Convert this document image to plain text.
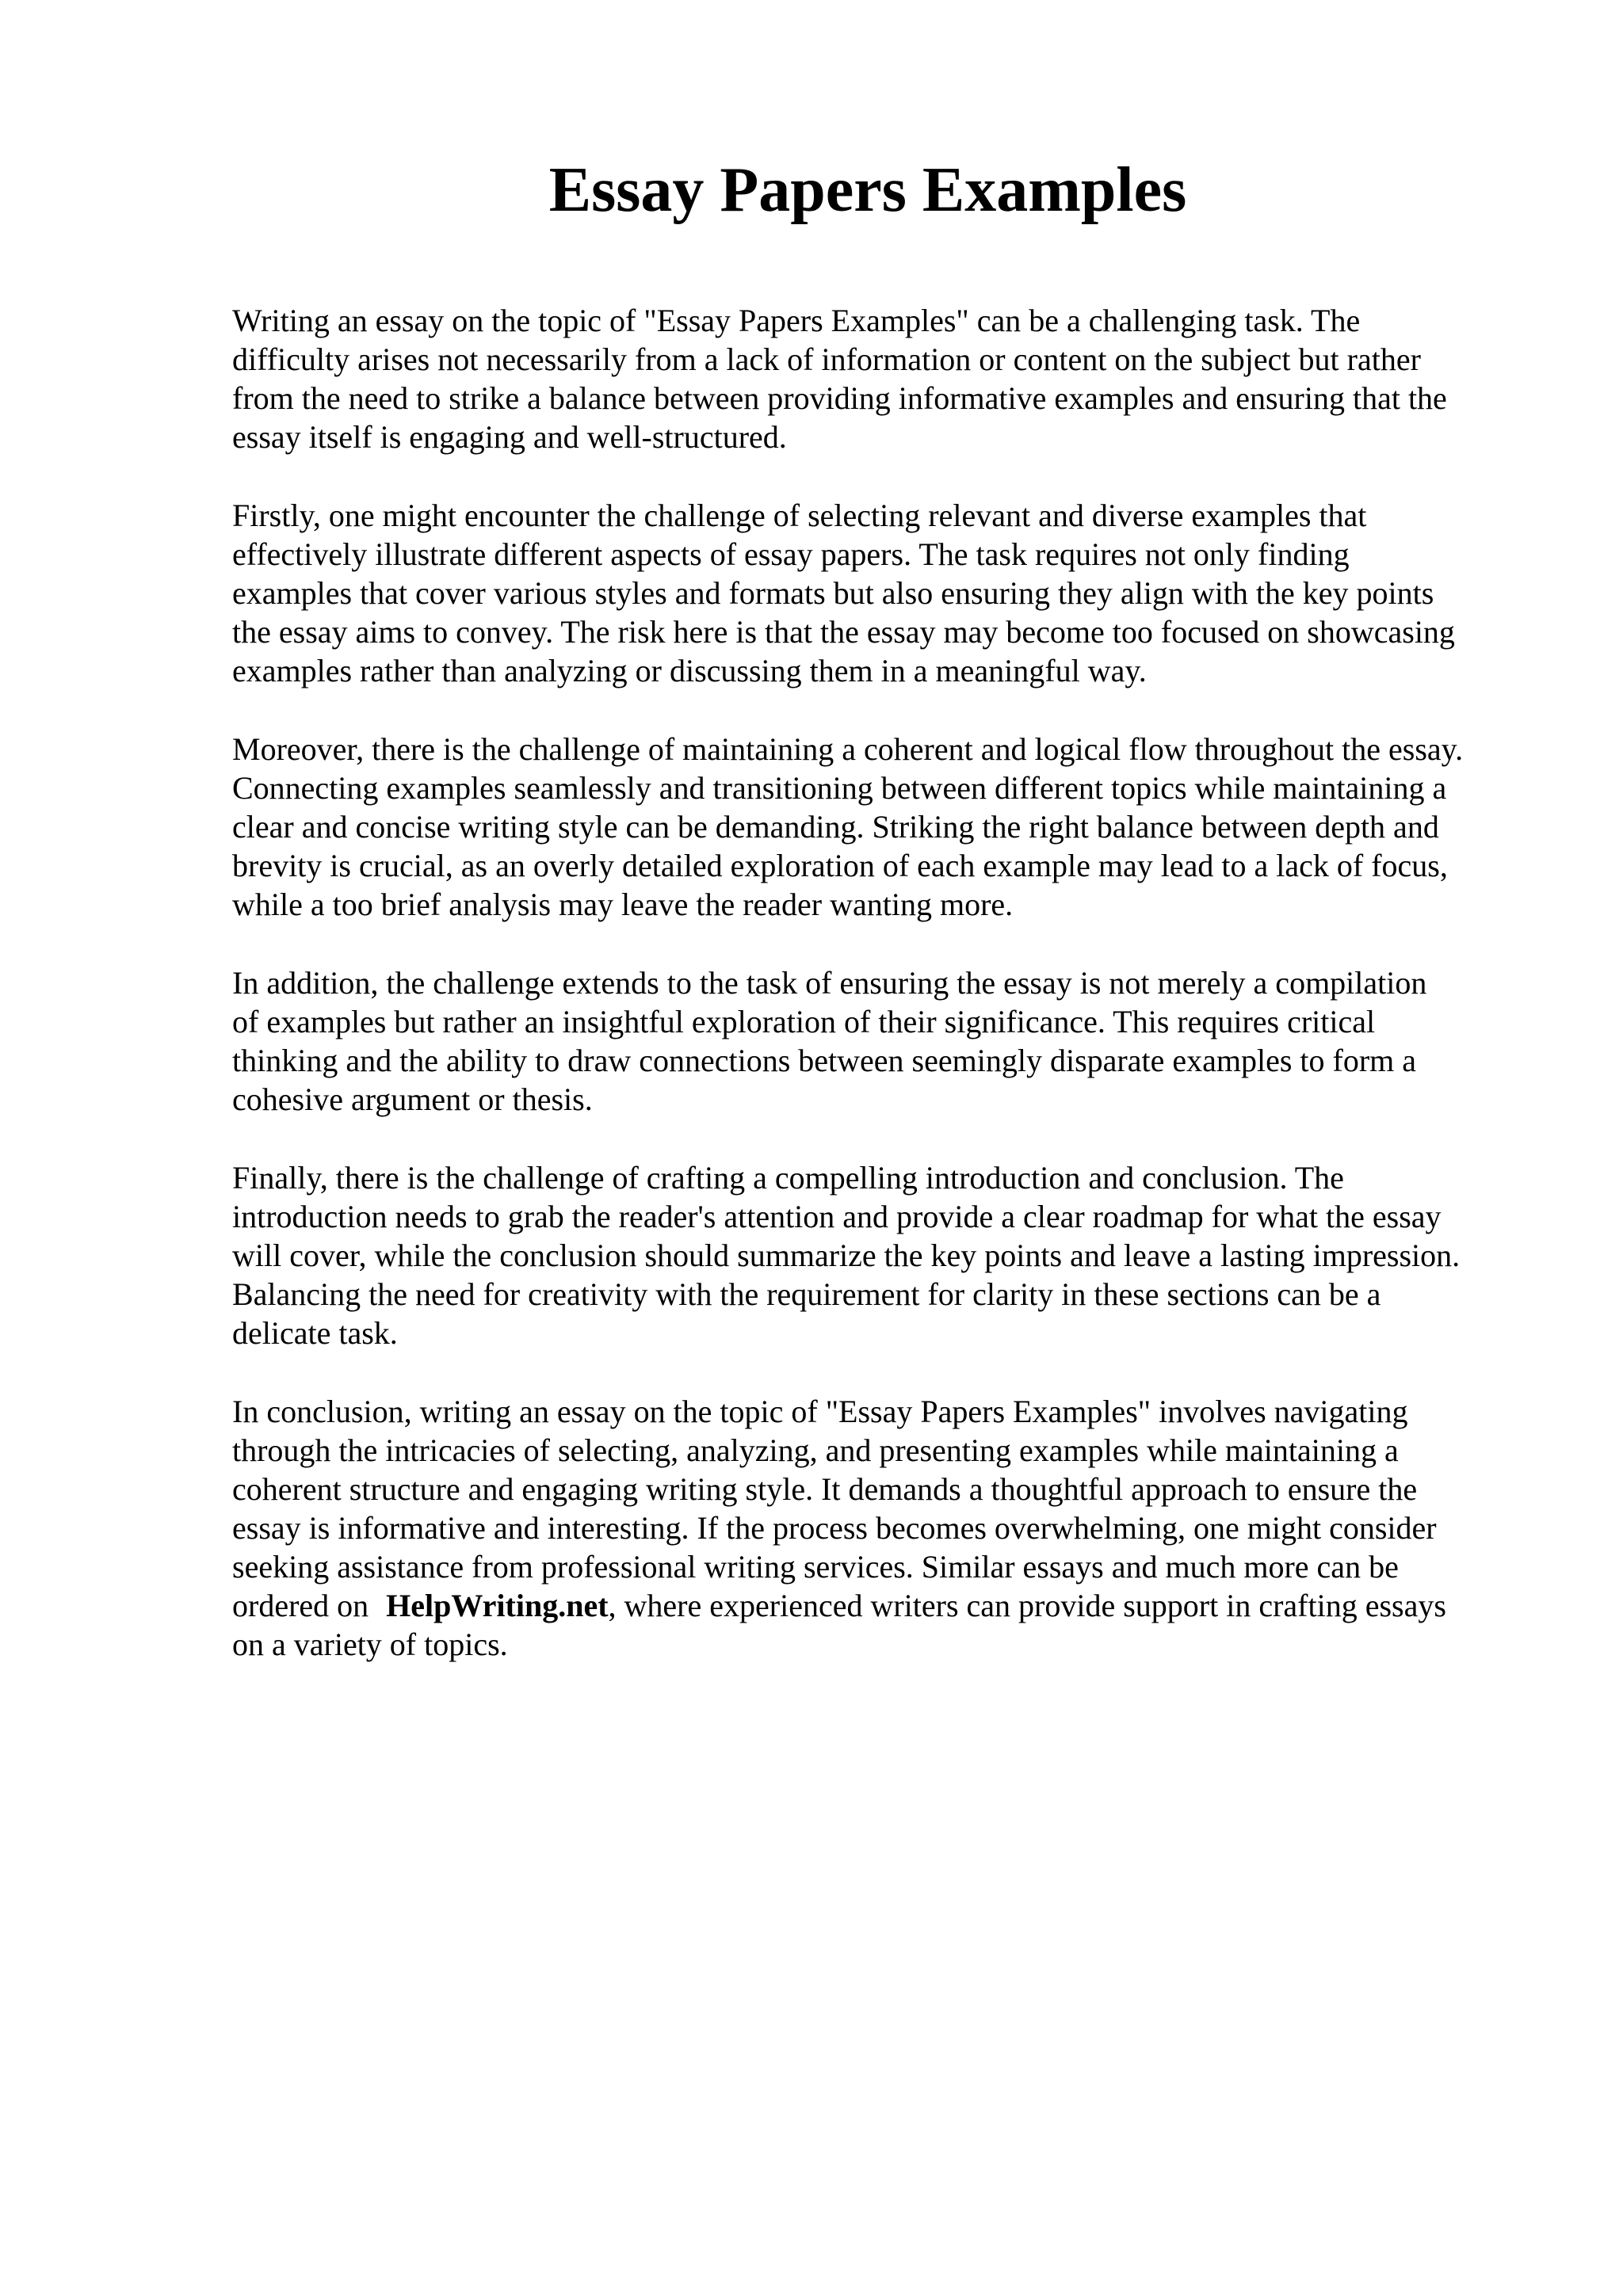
Essay Papers Examples

Writing an essay on the topic of "Essay Papers Examples" can be a challenging task. The
difficulty arises not necessarily from a lack of information or content on the subject but rather
from the need to strike a balance between providing informative examples and ensuring that the
essay itself is engaging and well-structured.

Firstly, one might encounter the challenge of selecting relevant and diverse examples that
effectively illustrate different aspects of essay papers. The task requires not only finding
examples that cover various styles and formats but also ensuring they align with the key points
the essay aims to convey. The risk here is that the essay may become too focused on showcasing
examples rather than analyzing or discussing them in a meaningful way.

Moreover, there is the challenge of maintaining a coherent and logical flow throughout the essay.
Connecting examples seamlessly and transitioning between different topics while maintaining a
clear and concise writing style can be demanding. Striking the right balance between depth and
brevity is crucial, as an overly detailed exploration of each example may lead to a lack of focus,
while a too brief analysis may leave the reader wanting more.

In addition, the challenge extends to the task of ensuring the essay is not merely a compilation
of examples but rather an insightful exploration of their significance. This requires critical
thinking and the ability to draw connections between seemingly disparate examples to form a
cohesive argument or thesis.

Finally, there is the challenge of crafting a compelling introduction and conclusion. The
introduction needs to grab the reader's attention and provide a clear roadmap for what the essay
will cover, while the conclusion should summarize the key points and leave a lasting impression.
Balancing the need for creativity with the requirement for clarity in these sections can be a
delicate task.

In conclusion, writing an essay on the topic of "Essay Papers Examples" involves navigating
through the intricacies of selecting, analyzing, and presenting examples while maintaining a
coherent structure and engaging writing style. It demands a thoughtful approach to ensure the
essay is informative and interesting. If the process becomes overwhelming, one might consider
seeking assistance from professional writing services. Similar essays and much more can be
ordered on HelpWriting.net, where experienced writers can provide support in crafting essays
on a variety of topics.
